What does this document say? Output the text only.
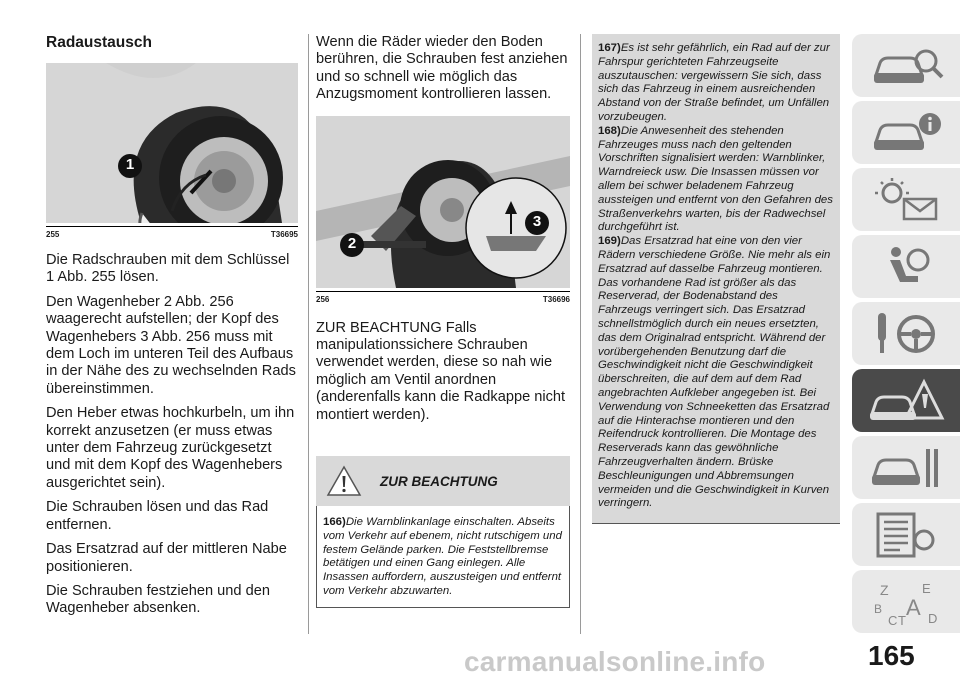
Radaustausch
1
255	T36695

Die Radschrauben mit dem Schlüssel 1 Abb. 255 lösen.

Den Wagenheber 2 Abb. 256 waagerecht aufstellen; der Kopf des Wagenhebers 3 Abb. 256 muss mit dem Loch im unteren Teil des Aufbaus in der Nähe des zu wechselnden Rads übereinstimmen.

Den Heber etwas hochkurbeln, um ihn korrekt anzusetzen (er muss etwas unter dem Fahrzeug zurückgesetzt und mit dem Kopf des Wagenhebers ausgerichtet sein).

Die Schrauben lösen und das Rad entfernen.

Das Ersatzrad auf der mittleren Nabe positionieren.

Die Schrauben festziehen und den Wagenheber absenken.

Wenn die Räder wieder den Boden berühren, die Schrauben fest anziehen und so schnell wie möglich das Anzugsmoment kontrollieren lassen.

2
3
256	T36696

ZUR BEACHTUNG Falls manipulationssichere Schrauben verwendet werden, diese so nah wie möglich am Ventil anordnen (anderenfalls kann die Radkappe nicht montiert werden).

ZUR BEACHTUNG

166)Die Warnblinkanlage einschalten. Abseits vom Verkehr auf ebenem, nicht rutschigem und festem Gelände parken. Die Feststellbremse betätigen und einen Gang einlegen. Alle Insassen auffordern, auszusteigen und entfernt vom Verkehr abzuwarten.

167)Es ist sehr gefährlich, ein Rad auf der zur Fahrspur gerichteten Fahrzeugseite auszutauschen: vergewissern Sie sich, dass sich das Fahrzeug in einem ausreichenden Abstand von der Straße befindet, um Unfällen vorzubeugen.

168)Die Anwesenheit des stehenden Fahrzeuges muss nach den geltenden Vorschriften signalisiert werden: Warnblinker, Warndreieck usw. Die Insassen müssen vor allem bei schwer beladenem Fahrzeug aussteigen und entfernt von den Gefahren des Straßenverkehrs warten, bis der Radwechsel durchgeführt ist.

169)Das Ersatzrad hat eine von den vier Rädern verschiedene Größe. Nie mehr als ein Ersatzrad auf dasselbe Fahrzeug montieren. Das vorhandene Rad ist größer als das Reserverad, der Bodenabstand des Fahrzeugs verringert sich. Das Ersatzrad schnellstmöglich durch ein neues ersetzten, das dem Originalrad entspricht. Während der vorübergehenden Benutzung darf die Geschwindigkeit nicht die Geschwindigkeit überschreiten, die auf dem auf dem Rad angebrachten Aufkleber angegeben ist. Bei Verwendung von Schneeketten das Ersatzrad auf die Hinterachse montieren und den Reifendruck kontrollieren. Die Montage des Reserverads kann das gewöhnliche Fahrzeugverhalten ändern. Brüske Beschleunigungen und Abbremsungen vermeiden und die Geschwindigkeit in Kurven verringern.

Z	E
B A
C T D
carmanualsonline.info	165
